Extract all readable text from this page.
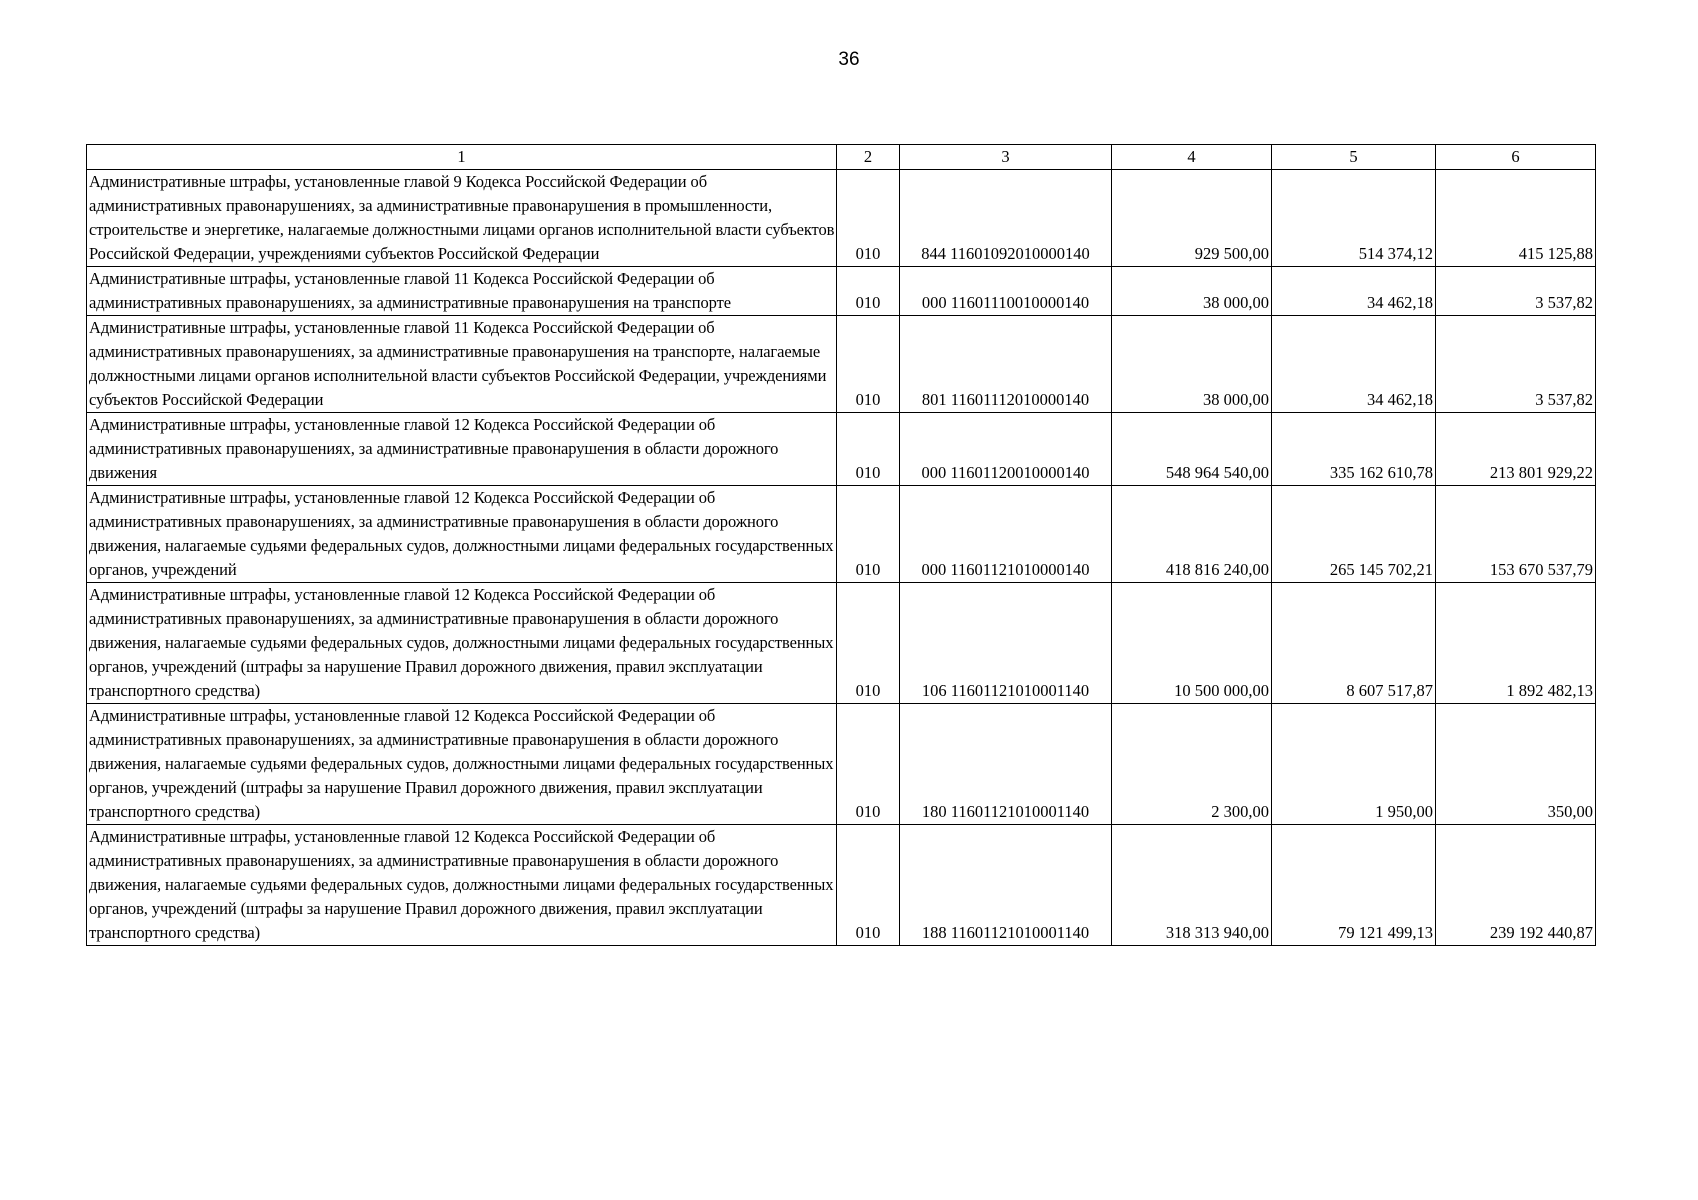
36
1	2	3	4	5	6
Административные штрафы, установленные главой 9 Кодекса Российской Федерации об административных правонарушениях, за административные правонарушения в промышленности, строительстве и энергетике, налагаемые должностными лицами органов исполнительной власти субъектов Российской Федерации, учреждениями субъектов Российской Федерации	010	844 11601092010000140	929 500,00	514 374,12	415 125,88
Административные штрафы, установленные главой 11 Кодекса Российской Федерации об административных правонарушениях, за административные правонарушения на транспорте	010	000 11601110010000140	38 000,00	34 462,18	3 537,82
Административные штрафы, установленные главой 11 Кодекса Российской Федерации об административных правонарушениях, за административные правонарушения на транспорте, налагаемые должностными лицами органов исполнительной власти субъектов Российской Федерации, учреждениями субъектов Российской Федерации	010	801 11601112010000140	38 000,00	34 462,18	3 537,82
Административные штрафы, установленные главой 12 Кодекса Российской Федерации об административных правонарушениях, за административные правонарушения в области дорожного движения	010	000 11601120010000140	548 964 540,00	335 162 610,78	213 801 929,22
Административные штрафы, установленные главой 12 Кодекса Российской Федерации об административных правонарушениях, за административные правонарушения в области дорожного движения, налагаемые судьями федеральных судов, должностными лицами федеральных государственных органов, учреждений	010	000 11601121010000140	418 816 240,00	265 145 702,21	153 670 537,79
Административные штрафы, установленные главой 12 Кодекса Российской Федерации об административных правонарушениях, за административные правонарушения в области дорожного движения, налагаемые судьями федеральных судов, должностными лицами федеральных государственных органов, учреждений (штрафы за нарушение Правил дорожного движения, правил эксплуатации транспортного средства)	010	106 11601121010001140	10 500 000,00	8 607 517,87	1 892 482,13
Административные штрафы, установленные главой 12 Кодекса Российской Федерации об административных правонарушениях, за административные правонарушения в области дорожного движения, налагаемые судьями федеральных судов, должностными лицами федеральных государственных органов, учреждений (штрафы за нарушение Правил дорожного движения, правил эксплуатации транспортного средства)	010	180 11601121010001140	2 300,00	1 950,00	350,00
Административные штрафы, установленные главой 12 Кодекса Российской Федерации об административных правонарушениях, за административные правонарушения в области дорожного движения, налагаемые судьями федеральных судов, должностными лицами федеральных государственных органов, учреждений (штрафы за нарушение Правил дорожного движения, правил эксплуатации транспортного средства)	010	188 11601121010001140	318 313 940,00	79 121 499,13	239 192 440,87
